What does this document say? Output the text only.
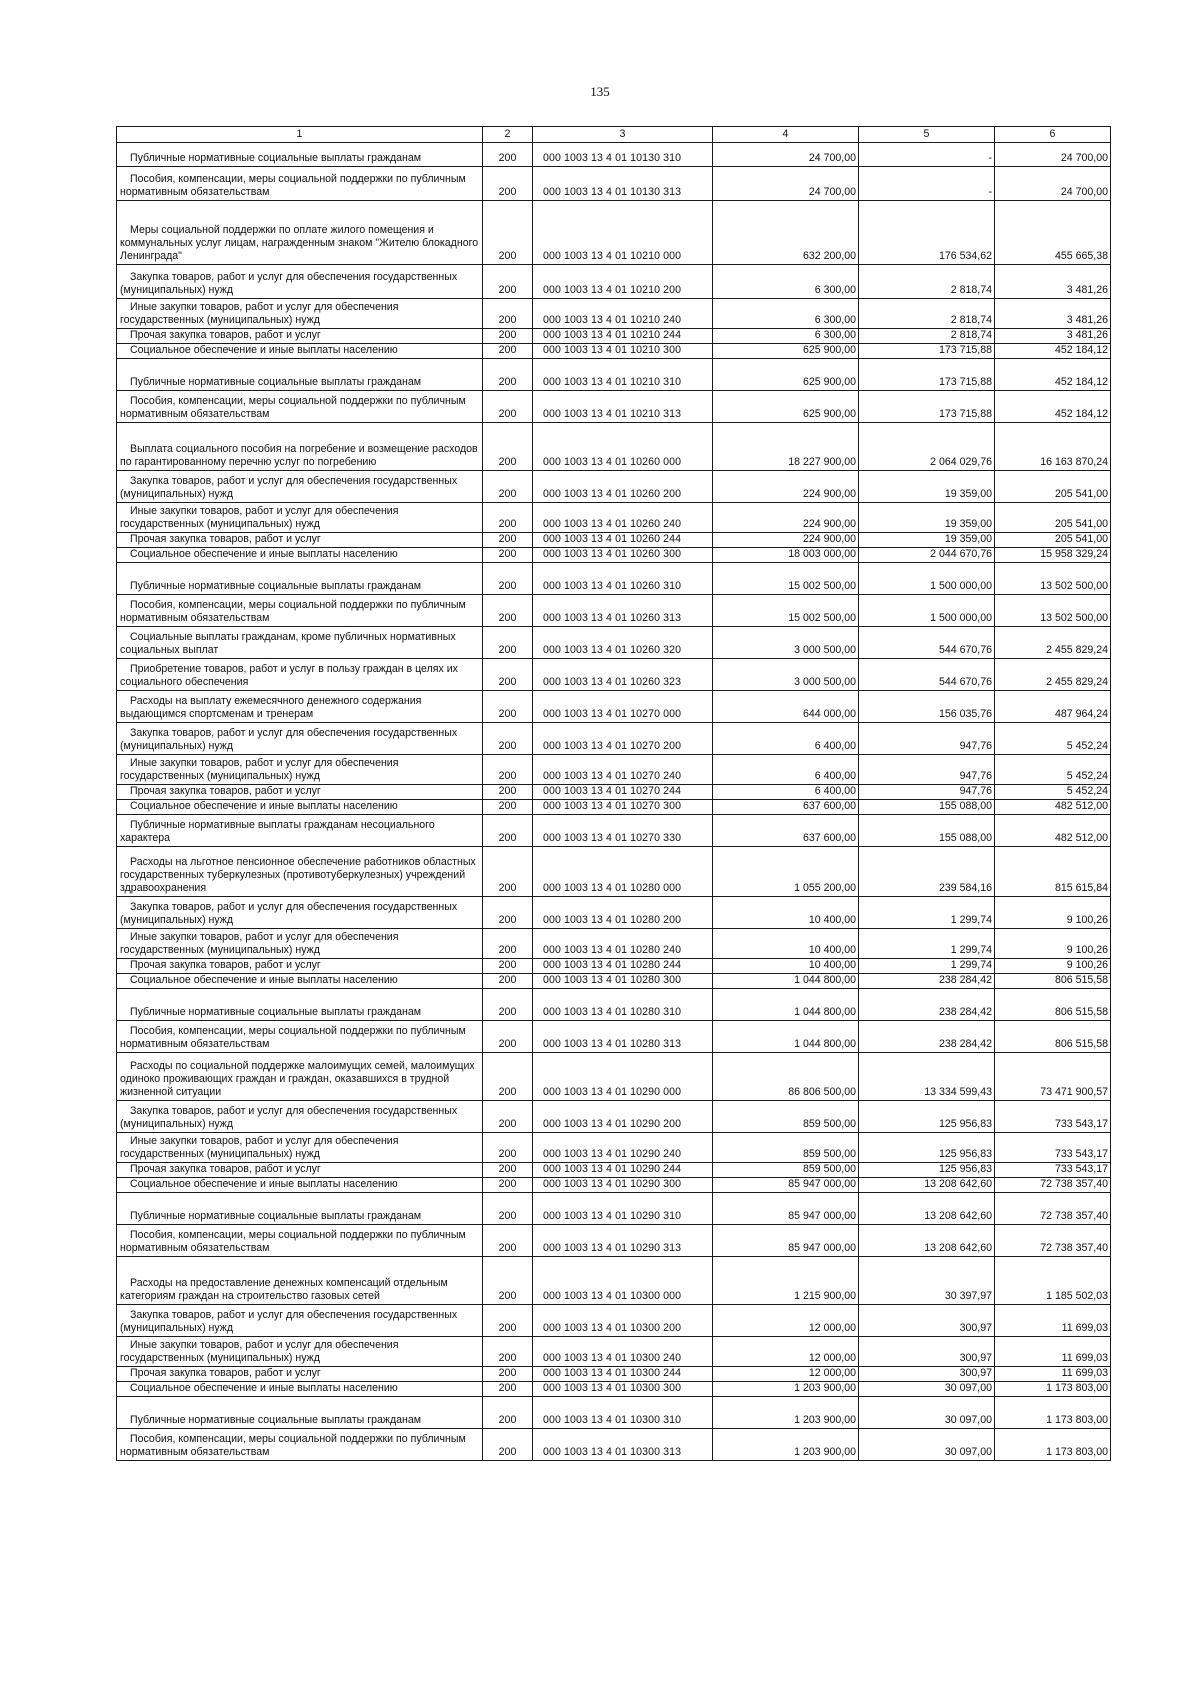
135
1	2	3	4	5	6

Публичные нормативные социальные выплаты гражданам	200	000 1003 13 4 01 10130 310	24 700,00	-	24 700,00

Пособия, компенсации, меры социальной поддержки по публичным нормативным обязательствам	200	000 1003 13 4 01 10130 313	24 700,00	-	24 700,00

Меры социальной поддержки по оплате жилого помещения и коммунальных услуг лицам, награжденным знаком "Жителю блокадного Ленинграда"	200	000 1003 13 4 01 10210 000	632 200,00	176 534,62	455 665,38

Закупка товаров, работ и услуг для обеспечения государственных (муниципальных) нужд	200	000 1003 13 4 01 10210 200	6 300,00	2 818,74	3 481,26

Иные закупки товаров, работ и услуг для обеспечения государственных (муниципальных) нужд	200	000 1003 13 4 01 10210 240	6 300,00	2 818,74	3 481,26

Прочая закупка товаров, работ и услуг	200	000 1003 13 4 01 10210 244	6 300,00	2 818,74	3 481,26

Социальное обеспечение и иные выплаты населению	200	000 1003 13 4 01 10210 300	625 900,00	173 715,88	452 184,12

Публичные нормативные социальные выплаты гражданам	200	000 1003 13 4 01 10210 310	625 900,00	173 715,88	452 184,12

Пособия, компенсации, меры социальной поддержки по публичным нормативным обязательствам	200	000 1003 13 4 01 10210 313	625 900,00	173 715,88	452 184,12

Выплата социального пособия на погребение и возмещение расходов по гарантированному перечню услуг по погребению	200	000 1003 13 4 01 10260 000	18 227 900,00	2 064 029,76	16 163 870,24

Закупка товаров, работ и услуг для обеспечения государственных (муниципальных) нужд	200	000 1003 13 4 01 10260 200	224 900,00	19 359,00	205 541,00

Иные закупки товаров, работ и услуг для обеспечения государственных (муниципальных) нужд	200	000 1003 13 4 01 10260 240	224 900,00	19 359,00	205 541,00

Прочая закупка товаров, работ и услуг	200	000 1003 13 4 01 10260 244	224 900,00	19 359,00	205 541,00

Социальное обеспечение и иные выплаты населению	200	000 1003 13 4 01 10260 300	18 003 000,00	2 044 670,76	15 958 329,24

Публичные нормативные социальные выплаты гражданам	200	000 1003 13 4 01 10260 310	15 002 500,00	1 500 000,00	13 502 500,00

Пособия, компенсации, меры социальной поддержки по публичным нормативным обязательствам	200	000 1003 13 4 01 10260 313	15 002 500,00	1 500 000,00	13 502 500,00

Социальные выплаты гражданам, кроме публичных нормативных социальных выплат	200	000 1003 13 4 01 10260 320	3 000 500,00	544 670,76	2 455 829,24

Приобретение товаров, работ и услуг в пользу граждан в целях их социального обеспечения	200	000 1003 13 4 01 10260 323	3 000 500,00	544 670,76	2 455 829,24

Расходы на выплату ежемесячного денежного содержания выдающимся спортсменам и тренерам	200	000 1003 13 4 01 10270 000	644 000,00	156 035,76	487 964,24

Закупка товаров, работ и услуг для обеспечения государственных (муниципальных) нужд	200	000 1003 13 4 01 10270 200	6 400,00	947,76	5 452,24

Иные закупки товаров, работ и услуг для обеспечения государственных (муниципальных) нужд	200	000 1003 13 4 01 10270 240	6 400,00	947,76	5 452,24

Прочая закупка товаров, работ и услуг	200	000 1003 13 4 01 10270 244	6 400,00	947,76	5 452,24

Социальное обеспечение и иные выплаты населению	200	000 1003 13 4 01 10270 300	637 600,00	155 088,00	482 512,00

Публичные нормативные выплаты гражданам несоциального характера	200	000 1003 13 4 01 10270 330	637 600,00	155 088,00	482 512,00

Расходы на льготное пенсионное обеспечение работников областных государственных туберкулезных (противотуберкулезных) учреждений здравоохранения	200	000 1003 13 4 01 10280 000	1 055 200,00	239 584,16	815 615,84

Закупка товаров, работ и услуг для обеспечения государственных (муниципальных) нужд	200	000 1003 13 4 01 10280 200	10 400,00	1 299,74	9 100,26

Иные закупки товаров, работ и услуг для обеспечения государственных (муниципальных) нужд	200	000 1003 13 4 01 10280 240	10 400,00	1 299,74	9 100,26

Прочая закупка товаров, работ и услуг	200	000 1003 13 4 01 10280 244	10 400,00	1 299,74	9 100,26

Социальное обеспечение и иные выплаты населению	200	000 1003 13 4 01 10280 300	1 044 800,00	238 284,42	806 515,58

Публичные нормативные социальные выплаты гражданам	200	000 1003 13 4 01 10280 310	1 044 800,00	238 284,42	806 515,58

Пособия, компенсации, меры социальной поддержки по публичным нормативным обязательствам	200	000 1003 13 4 01 10280 313	1 044 800,00	238 284,42	806 515,58

Расходы по социальной поддержке малоимущих семей, малоимущих одиноко проживающих граждан и граждан, оказавшихся в трудной жизненной ситуации	200	000 1003 13 4 01 10290 000	86 806 500,00	13 334 599,43	73 471 900,57

Закупка товаров, работ и услуг для обеспечения государственных (муниципальных) нужд	200	000 1003 13 4 01 10290 200	859 500,00	125 956,83	733 543,17

Иные закупки товаров, работ и услуг для обеспечения государственных (муниципальных) нужд	200	000 1003 13 4 01 10290 240	859 500,00	125 956,83	733 543,17

Прочая закупка товаров, работ и услуг	200	000 1003 13 4 01 10290 244	859 500,00	125 956,83	733 543,17

Социальное обеспечение и иные выплаты населению	200	000 1003 13 4 01 10290 300	85 947 000,00	13 208 642,60	72 738 357,40

Публичные нормативные социальные выплаты гражданам	200	000 1003 13 4 01 10290 310	85 947 000,00	13 208 642,60	72 738 357,40

Пособия, компенсации, меры социальной поддержки по публичным нормативным обязательствам	200	000 1003 13 4 01 10290 313	85 947 000,00	13 208 642,60	72 738 357,40

Расходы на предоставление денежных компенсаций отдельным категориям граждан на строительство газовых сетей	200	000 1003 13 4 01 10300 000	1 215 900,00	30 397,97	1 185 502,03

Закупка товаров, работ и услуг для обеспечения государственных (муниципальных) нужд	200	000 1003 13 4 01 10300 200	12 000,00	300,97	11 699,03

Иные закупки товаров, работ и услуг для обеспечения государственных (муниципальных) нужд	200	000 1003 13 4 01 10300 240	12 000,00	300,97	11 699,03

Прочая закупка товаров, работ и услуг	200	000 1003 13 4 01 10300 244	12 000,00	300,97	11 699,03

Социальное обеспечение и иные выплаты населению	200	000 1003 13 4 01 10300 300	1 203 900,00	30 097,00	1 173 803,00

Публичные нормативные социальные выплаты гражданам	200	000 1003 13 4 01 10300 310	1 203 900,00	30 097,00	1 173 803,00

Пособия, компенсации, меры социальной поддержки по публичным нормативным обязательствам	200	000 1003 13 4 01 10300 313	1 203 900,00	30 097,00	1 173 803,00
